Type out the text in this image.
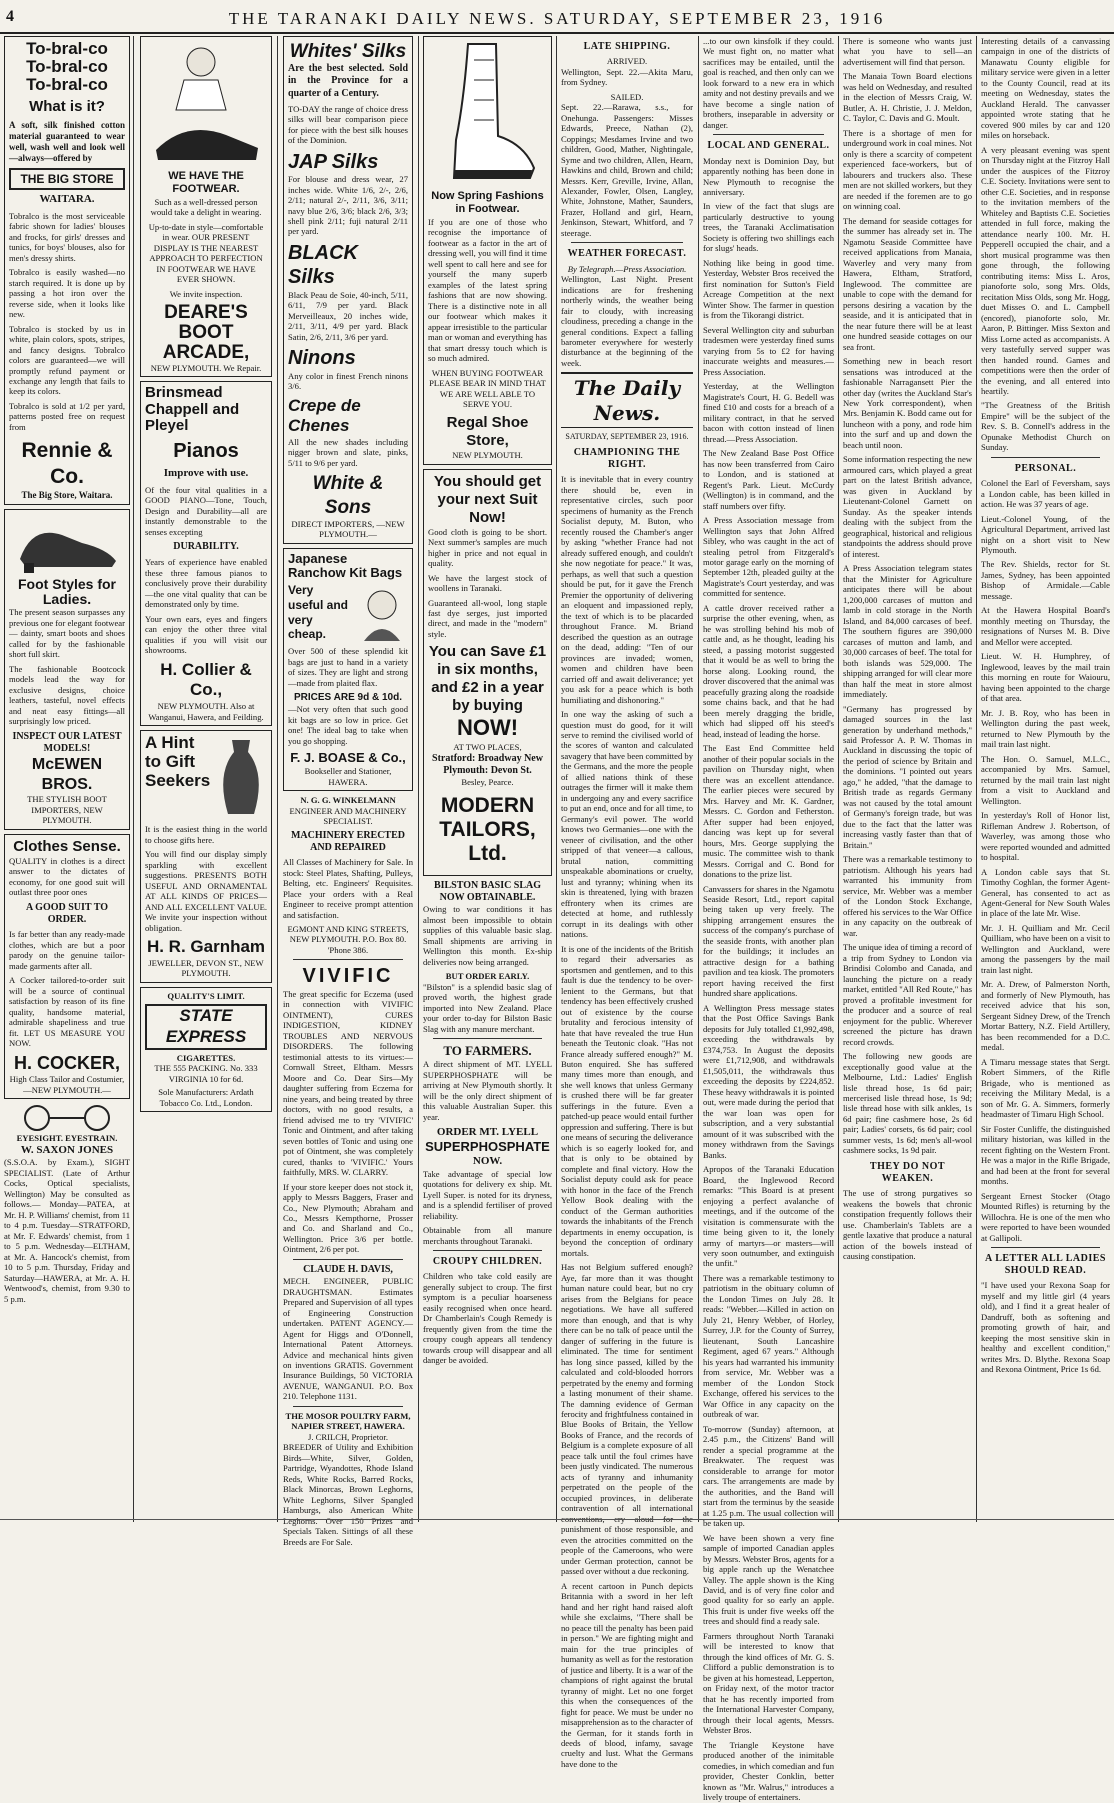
4	THE TARANAKI DAILY NEWS. SATURDAY, SEPTEMBER 23, 1916
To-bral-co
To-bral-co
To-bral-co
What is it?

A soft, silk finished cotton material guaranteed to wear well, wash well and look well—always—offered by

THE BIG STORE
WAITARA.

Tobralco is the most serviceable fabric shown for ladies' blouses and frocks, for girls' dresses and tunics, for boys' blouses, also for men's dressy shirts.

Tobralco is easily washed—no starch required. It is done up by passing a hot iron over the reverse side, when it looks like new.

Tobralco is stocked by us in white, plain colors, spots, stripes, and fancy designs. Tobralco colors are guaranteed—we will promptly refund payment or exchange any length that fails to keep its colors.

Tobralco is sold at 1/2 per yard, patterns posted free on request from

Rennie & Co.
The Big Store, Waitara.
Foot Styles for Ladies.

The present season surpasses any previous one for elegant footwear — dainty, smart boots and shoes called for by the fashionable short full skirt.

The fashionable Bootcock models lead the way for exclusive designs, choice leathers, tasteful, novel effects and neat easy fittings—all surprisingly low priced.

INSPECT OUR LATEST MODELS!
McEWEN BROS.
THE STYLISH BOOT IMPORTERS, NEW PLYMOUTH.
Clothes Sense.

QUALITY in clothes is a direct answer to the dictates of economy, for one good suit will outlast three poor ones

A GOOD SUIT TO ORDER.

Is far better than any ready-made clothes, which are but a poor parody on the genuine tailor-made garments after all.

A Cocker tailored-to-order suit will be a source of continual satisfaction by reason of its fine quality, handsome material, admirable shapeliness and true fit. LET US MEASURE YOU NOW.

H. COCKER,
High Class Tailor and Costumier, —NEW PLYMOUTH.—
EYESIGHT. EYESTRAIN.
W. SAXON JONES

(S.S.O.A. by Exam.), SIGHT SPECIALIST. (Late of Arthur Cocks, Optical specialists, Wellington) May be consulted as follows.— Monday—PATEA, at Mr. H. P. Williams' chemist, from 11 to 4 p.m. Tuesday—STRATFORD, at Mr. F. Edwards' chemist, from 1 to 5 p.m. Wednesday—ELTHAM, at Mr. A. Hancock's chemist, from 10 to 5 p.m. Thursday, Friday and Saturday—HAWERA, at Mr. A. H. Wentwood's, chemist, from 9.30 to 5 p.m.

WE HAVE THE FOOTWEAR.

Such as a well-dressed person would take a delight in wearing.

Up-to-date in style—comfortable in wear. OUR PRESENT DISPLAY IS THE NEAREST APPROACH TO PERFECTION IN FOOTWEAR WE HAVE EVER SHOWN.

We invite inspection.

DEARE'S BOOT ARCADE,
NEW PLYMOUTH. We Repair.
Brinsmead Chappell and Pleyel
Pianos
Improve with use.

Of the four vital qualities in a GOOD PIANO—Tone, Touch, Design and Durability—all are instantly demonstrable to the senses excepting

DURABILITY.

Years of experience have enabled these three famous pianos to conclusively prove their durability—the one vital quality that can be demonstrated only by time.

Your own ears, eyes and fingers can enjoy the other three vital qualities if you will visit our showrooms.

H. Collier & Co.,
NEW PLYMOUTH. Also at Wanganui, Hawera, and Feilding.
A Hint to Gift Seekers

It is the easiest thing in the world to choose gifts here.

You will find our display simply sparkling with excellent suggestions. PRESENTS BOTH USEFUL AND ORNAMENTAL AT ALL KINDS OF PRICES—AND ALL EXCELLENT VALUE. We invite your inspection without obligation.

H. R. Garnham
JEWELLER, DEVON ST., NEW PLYMOUTH.
QUALITY'S LIMIT.
STATE EXPRESS
CIGARETTES.
THE 555 PACKING. No. 333 VIRGINIA 10 for 6d.
Sole Manufacturers: Ardath Tobacco Co. Ltd., London.
Whites' Silks

Are the best selected. Sold in the Province for a quarter of a Century.

TO-DAY the range of choice dress silks will bear comparison piece for piece with the best silk houses of the Dominion.

JAP Silks

For blouse and dress wear, 27 inches wide. White 1/6, 2/-, 2/6, 2/11; natural 2/-, 2/11, 3/6, 3/11; navy blue 2/6, 3/6; black 2/6, 3/3; shell pink 2/11; fuji natural 2/11 per yard.

BLACK Silks

Black Peau de Soie, 40-inch, 5/11, 6/11, 7/9 per yard. Black Merveilleaux, 20 inches wide, 2/11, 3/11, 4/9 per yard. Black Satin, 2/6, 2/11, 3/6 per yard.

Ninons

Any color in finest French ninons 3/6.

Crepe de Chenes

All the new shades including nigger brown and slate, pinks, 5/11 to 9/6 per yard.

White & Sons
DIRECT IMPORTERS, —NEW PLYMOUTH.—
Japanese Ranchow Kit Bags
Very useful and very cheap.

Over 500 of these splendid kit bags are just to hand in a variety of sizes. They are light and strong—made from plaited flax.

PRICES ARE 9d & 10d.

—Not very often that such good kit bags are so low in price. Get one! The ideal bag to take when you go shopping.

F. J. BOASE & Co.,
Bookseller and Stationer, HAWERA.
N. G. G. WINKELMANN
ENGINEER AND MACHINERY SPECIALIST.
MACHINERY ERECTED AND REPAIRED

All Classes of Machinery for Sale. In stock: Steel Plates, Shafting, Pulleys, Belting, etc. Engineers' Requisites. Place your orders with a Real Engineer to receive prompt attention and satisfaction.

EGMONT AND KING STREETS, NEW PLYMOUTH. P.O. Box 80. 'Phone 386.

VIVIFIC

The great specific for Eczema (used in connection with VIVIFIC OINTMENT), CURES INDIGESTION, KIDNEY TROUBLES AND NERVOUS DISORDERS. The following testimonial attests to its virtues:— Cornwall Street, Eltham. Messrs Moore and Co. Dear Sirs—My daughter suffering from Eczema for nine years, and being treated by three doctors, with no good results, a friend advised me to try 'VIVIFIC' Tonic and Ointment, and after taking seven bottles of Tonic and using one pot of Ointment, she was completely cured, thanks to 'VIVIFIC.' Yours faithfully, MRS. W. CLARRY.

If your store keeper does not stock it, apply to Messrs Baggers, Fraser and Co., New Plymouth; Abraham and Co., Messrs Kempthorne, Prosser and Co. and Sharland and Co., Wellington. Price 3/6 per bottle. Ointment, 2/6 per pot.

CLAUDE H. DAVIS,

MECH. ENGINEER, PUBLIC DRAUGHTSMAN. Estimates Prepared and Supervision of all types of Engineering Construction undertaken. PATENT AGENCY.—Agent for Higgs and O'Donnell, International Patent Attorneys. Advice and mechanical hints given on inventions GRATIS. Government Insurance Buildings, 50 VICTORIA AVENUE, WANGANUI. P.O. Box 210. Telephone 1131.

THE MOSOR POULTRY FARM, NAPIER STREET, HAWERA.
J. CRILCH, Proprietor.

BREEDER of Utility and Exhibition Birds—White, Silver, Golden, Partridge, Wyandottes, Rhode Island Reds, White Rocks, Barred Rocks, Black Minorcas, Brown Leghorns, White Leghorns, Silver Spangled Hamburgs, also American White Leghorns. Over 150 Prizes and Specials Taken. Sittings of all these Breeds are For Sale.

Now Spring Fashions in Footwear.

If you are one of those who recognise the importance of footwear as a factor in the art of dressing well, you will find it time well spent to call here and see for yourself the many superb examples of the latest spring fashions that are now showing. There is a distinctive note in all our footwear which makes it appear irresistible to the particular man or woman and everything has that smart dressy touch which is so much admired.

WHEN BUYING FOOTWEAR PLEASE BEAR IN MIND THAT WE ARE WELL ABLE TO SERVE YOU.

Regal Shoe Store,
NEW PLYMOUTH.
You should get your next Suit Now!

Good cloth is going to be short. Next summer's samples are much higher in price and not equal in quality.

We have the largest stock of woollens in Taranaki.

Guaranteed all-wool, long staple fast dye serges, just imported direct, and made in the "modern" style.

You can Save £1 in six months, and £2 in a year by buying
NOW!
AT TWO PLACES,
Stratford: Broadway New Plymouth: Devon St.
Besley, Pearce.
MODERN TAILORS, Ltd.
BILSTON BASIC SLAG NOW OBTAINABLE.

Owing to war conditions it has almost been impossible to obtain supplies of this valuable basic slag. Small shipments are arriving in Wellington this month. Ex-ship deliveries now being arranged.

BUT ORDER EARLY.

"Bilston" is a splendid basic slag of proved worth, the highest grade imported into New Zealand. Place your order to-day for Bilston Basic Slag with any manure merchant.

TO FARMERS.

A direct shipment of MT. LYELL SUPERPHOSPHATE will be arriving at New Plymouth shortly. It will be the only direct shipment of this valuable Australian Super. this year.

ORDER MT. LYELL
SUPERPHOSPHATE
NOW.

Take advantage of special low quotations for delivery ex ship. Mt. Lyell Super. is noted for its dryness, and is a splendid fertiliser of proved reliability.

Obtainable from all manure merchants throughout Taranaki.

CROUPY CHILDREN.

Children who take cold easily are generally subject to croup. The first symptom is a peculiar hoarseness easily recognised when once heard. Dr Chamberlain's Cough Remedy is frequently given from the time the croupy cough appears all tendency towards croup will disappear and all danger be avoided.

LATE SHIPPING.
ARRIVED.

Wellington, Sept. 22.—Akita Maru, from Sydney.

SAILED.

Sept. 22.—Rarawa, s.s., for Onehunga. Passengers: Misses Edwards, Preece, Nathan (2), Coppings; Mesdames Irvine and two children, Good, Mather, Nightingale, Syme and two children, Allen, Hearn, Hawkins and child, Brown and child; Messrs. Kerr, Greville, Irvine, Allan, Alexander, Fowler, Olsen, Langley, White, Johnstone, Mather, Saunders, Frazer, Holland and girl, Hearn, Jenkinson, Stewart, Whitford, and 7 steerage.

WEATHER FORECAST.
By Telegraph.—Press Association.

Wellington, Last Night. Present indications are for freshening northerly winds, the weather being fair to cloudy, with increasing cloudiness, preceding a change in the general conditions. Expect a falling barometer everywhere for westerly disturbance at the beginning of the week.

The Daily News.
SATURDAY, SEPTEMBER 23, 1916.
CHAMPIONING THE RIGHT.

It is inevitable that in every country there should be, even in representative circles, such poor specimens of humanity as the French Socialist deputy, M. Buton, who recently roused the Chamber's anger by asking "whether France had not already suffered enough, and couldn't she now negotiate for peace." It was, perhaps, as well that such a question should be put, for it gave the French Premier the opportunity of delivering an eloquent and impassioned reply, the text of which is to be placarded throughout France. M. Briand described the question as an outrage on the dead, adding: "Ten of our provinces are invaded; women, women and children have been carried off and await deliverance; yet you ask for a peace which is both humiliating and dishonoring."

In one way the asking of such a question must do good, for it will serve to remind the civilised world of the scores of wanton and calculated savagery that have been committed by the Germans, and the more the people of allied nations think of these outrages the firmer will it make them in undergoing any and every sacrifice to put an end, once and for all time, to Germany's evil power. The world knows two Germanies—one with the veneer of civilisation, and the other stripped of that veneer—a callous, brutal nation, committing unspeakable abominations or cruelty, lust and tyranny; whining when its skin is threatened, lying with brazen effrontery when its crimes are detected at home, and ruthlessly corrupt in its dealings with other nations.

It is one of the incidents of the British to regard their adversaries as sportsmen and gentlemen, and to this fault is due the tendency to be over-lenient to the Germans, but that tendency has been effectively crushed out of existence by the course brutality and ferocious intensity of hate that have revealed the true Hun beneath the Teutonic cloak. "Has not France already suffered enough?" M. Buton enquired. She has suffered many times more than enough, and she well knows that unless Germany is crushed there will be far greater sufferings in the future. Even a patched-up peace would entail further oppression and suffering. There is but one means of securing the deliverance which is so eagerly looked for, and that is only to be obtained by complete and final victory. How the Socialist deputy could ask for peace with honor in the face of the French Yellow Book dealing with the conduct of the German authorities towards the inhabitants of the French departments in enemy occupation, is beyond the conception of ordinary mortals.

Has not Belgium suffered enough? Aye, far more than it was thought human nature could bear, but no cry arises from the Belgians for peace negotiations. We have all suffered more than enough, and that is why there can be no talk of peace until the danger of suffering in the future is eliminated. The time for sentiment has long since passed, killed by the calculated and cold-blooded horrors perpetrated by the enemy and forming a lasting monument of their shame. The damning evidence of German ferocity and frightfulness contained in Blue Books of Britain, the Yellow Books of France, and the records of Belgium is a complete exposure of all peace talk until the foul crimes have been justly vindicated. The numerous acts of tyranny and inhumanity perpetrated on the people of the occupied provinces, in deliberate contravention of all international conventions, cry aloud for the punishment of those responsible, and even the atrocities committed on the people of the Cameroons, who were under German protection, cannot be passed over without a due reckoning.

A recent cartoon in Punch depicts Britannia with a sword in her left hand and her right hand raised aloft while she exclaims, "There shall be no peace till the penalty has been paid in person." We are fighting might and main for the true principles of humanity as well as for the restoration of justice and liberty. It is a war of the champions of right against the brutal tyranny of might. Let no one forget this when the consequences of the fight for peace. We must be under no misapprehension as to the character of the German, for it stands forth in deeds of blood, infamy, savage cruelty and lust. What the Germans have done to the

...to our own kinsfolk if they could. We must fight on, no matter what sacrifices may be entailed, until the goal is reached, and then only can we look forward to a new era in which amity and not destiny prevails and we have become a single nation of brothers, inseparable in adversity or danger.

LOCAL AND GENERAL.

Monday next is Dominion Day, but apparently nothing has been done in New Plymouth to recognise the anniversary.

In view of the fact that slugs are particularly destructive to young trees, the Taranaki Acclimatisation Society is offering two shillings each for slugs' heads.

Nothing like being in good time. Yesterday, Webster Bros received the first nomination for Sutton's Field Acreage Competition at the next Winter Show. The farmer in question is from the Tikorangi district.

Several Wellington city and suburban tradesmen were yesterday fined sums varying from 5s to £2 for having inaccurate weights and measures.—Press Association.

Yesterday, at the Wellington Magistrate's Court, H. G. Bedell was fined £10 and costs for a breach of a military contract, in that he served bacon with cotton instead of linen thread.—Press Association.

The New Zealand Base Post Office has now been transferred from Cairo to London, and is stationed at Regent's Park. Lieut. McCurdy (Wellington) is in command, and the staff numbers over fifty.

A Press Association message from Wellington says that John Alfred Sibley, who was caught in the act of stealing petrol from Fitzgerald's motor garage early on the morning of September 12th, pleaded guilty at the Magistrate's Court yesterday, and was committed for sentence.

A cattle drover received rather a surprise the other evening, when, as he was strolling behind his mob of cattle and, as he thought, leading his steed, a passing motorist suggested that it would be as well to bring the horse along. Looking round, the drover discovered that the animal was peacefully grazing along the roadside some chains back, and that he had been merely dragging the bridle, which had slipped off his steed's head, instead of leading the horse.

The East End Committee held another of their popular socials in the pavilion on Thursday night, when there was an excellent attendance. The earlier pieces were secured by Mrs. Harvey and Mr. K. Gardner, Messrs. C. Gordon and Fetherston. After supper had been enjoyed, dancing was kept up for several hours, Mrs. George supplying the music. The committee wish to thank Messrs. Corrigal and C. Bond for donations to the prize list.

Canvassers for shares in the Ngamotu Seaside Resort, Ltd., report capital being taken up very freely. The shipping arrangement ensures the success of the company's purchase of the seaside fronts, with another plan for the buildings; it includes an attractive design for a bathing pavilion and tea kiosk. The promoters report having received the first hundred share applications.

A Wellington Press message states that the Post Office Savings Bank deposits for July totalled £1,992,498, exceeding the withdrawals by £374,753. In August the deposits were £1,712,908, and withdrawals £1,505,011, the withdrawals thus exceeding the deposits by £224,852. These heavy withdrawals it is pointed out, were made during the period that the war loan was open for subscription, and a very substantial amount of it was subscribed with the money withdrawn from the Savings Banks.

Apropos of the Taranaki Education Board, the Inglewood Record remarks: "This Board is at present enjoying a perfect avalanche of meetings, and if the outcome of the visitation is commensurate with the time being given to it, the lonely army of martyrs—or masters—will very soon outnumber, and extinguish the unfit."

There was a remarkable testimony to patriotism in the obituary column of the London Times on July 28. It reads: "Webber.—Killed in action on July 21, Henry Webber, of Horley, Surrey, J.P. for the County of Surrey, lieutenant, South Lancashire Regiment, aged 67 years." Although his years had warranted his immunity from service, Mr. Webber was a member of the London Stock Exchange, offered his services to the War Office in any capacity on the outbreak of war.

To-morrow (Sunday) afternoon, at 2.45 p.m., the Citizens' Band will render a special programme at the Breakwater. The request was considerable to arrange for motor cars. The arrangements are made by the authorities, and the Band will start from the terminus by the seaside at 1.25 p.m. The usual collection will be taken up.

We have been shown a very fine sample of imported Canadian apples by Messrs. Webster Bros, agents for a big apple ranch up the Wenatchee Valley. The apple shown is the King David, and is of very fine color and good quality for so early an apple. This fruit is under five weeks off the trees and should find a ready sale.

Farmers throughout North Taranaki will be interested to know that through the kind offices of Mr. G. S. Clifford a public demonstration is to be given at his homestead, Lepperton, on Friday next, of the motor tractor that he has recently imported from the International Harvester Company, through their local agents, Messrs. Webster Bros.

The Triangle Keystone have produced another of the inimitable comedies, in which comedian and fun provider, Chester Conklin, better known as "Mr. Walrus," introduces a lively troupe of entertainers.

There is someone who wants just what you have to sell—an advertisement will find that person.

The Manaia Town Board elections was held on Wednesday, and resulted in the election of Messrs Craig, W. Butler, A. H. Christie, J. J. Meldon, C. Taylor, C. Davis and G. Moult.

There is a shortage of men for underground work in coal mines. Not only is there a scarcity of competent experienced face-workers, but of labourers and truckers also. These men are not skilled workers, but they are needed if the foremen are to go on winning coal.

The demand for seaside cottages for the summer has already set in. The Ngamotu Seaside Committee have received applications from Manaia, Waverley and very many from Hawera, Eltham, Stratford, Inglewood. The committee are unable to cope with the demand for persons desiring a vacation by the seaside, and it is anticipated that in the near future there will be at least one hundred seaside cottages on our sea front.

Something new in beach resort sensations was introduced at the fashionable Narragansett Pier the other day (writes the Auckland Star's New York correspondent), when Mrs. Benjamin K. Bodd came out for luncheon with a pony, and rode him into the surf and up and down the beach until noon.

Some information respecting the new armoured cars, which played a great part on the latest British advance, was given in Auckland by Lieutenant-Colonel Garnett on Sunday. As the speaker intends dealing with the subject from the geographical, historical and religious standpoints the address should prove of interest.

A Press Association telegram states that the Minister for Agriculture anticipates there will be about 1,200,000 carcases of mutton and lamb in cold storage in the North Island, and 84,000 carcases of beef. The southern figures are 390,000 carcases of mutton and lamb, and 30,000 carcases of beef. The total for both islands was 529,000. The shipping arranged for will clear more than half the meat in store almost immediately.

"Germany has progressed by damaged sources in the last generation by underhand methods," said Professor A. P. W. Thomas in Auckland in discussing the topic of the period of science by Britain and the dominions. "I pointed out years ago," he added, "that the damage to British trade as regards Germany was not caused by the total amount of Germany's foreign trade, but was due to the fact that the latter was increasing vastly faster than that of Britain."

There was a remarkable testimony to patriotism. Although his years had warranted his immunity from service, Mr. Webber was a member of the London Stock Exchange, offered his services to the War Office in any capacity on the outbreak of war.

The unique idea of timing a record of a trip from Sydney to London via Brindisi Colombo and Canada, and launching the picture on a ready market, entitled "All Red Route," has proved a profitable investment for the producer and a source of real enjoyment for the public. Wherever screened the picture has drawn record crowds.

The following new goods are exceptionally good value at the Melbourne, Ltd.: Ladies' English lisle thread hose, 1s 6d pair; mercerised lisle thread hose, 1s 9d; lisle thread hose with silk ankles, 1s 6d pair; fine cashmere hose, 2s 6d pair; Ladies' corsets, 6s 6d pair; cool summer vests, 1s 6d; men's all-wool cashmere socks, 1s 9d pair.

THEY DO NOT WEAKEN.

The use of strong purgatives so weakens the bowels that chronic constipation frequently follows their use. Chamberlain's Tablets are a gentle laxative that produce a natural action of the bowels instead of causing constipation.

Interesting details of a canvassing campaign in one of the districts of Manawatu County eligible for military service were given in a letter to the County Council, read at its meeting on Wednesday, states the Auckland Herald. The canvasser appointed wrote stating that he covered 900 miles by car and 120 miles on horseback.

A very pleasant evening was spent on Thursday night at the Fitzroy Hall under the auspices of the Fitzroy C.E. Society. Invitations were sent to other C.E. Societies, and in response to the invitation members of the Whiteley and Baptists C.E. Societies attended in full force, making the attendance nearly 100. Mr. H. Pepperell occupied the chair, and a short musical programme was then gone through, the following contributing items: Miss L. Aros, pianoforte solo, song Mrs. Olds, recitation Miss Olds, song Mr. Hogg, duet Misses O. and L. Campbell (encored), pianoforte solo, Mr. Aaron, P. Bittinger. Miss Sexton and Miss Lorne acted as accompanists. A very tastefully served supper was then handed round. Games and competitions were then the order of the evening, and all entered into heartily.

"The Greatness of the British Empire" will be the subject of the Rev. S. B. Connell's address in the Opunake Methodist Church on Sunday.

PERSONAL.

Colonel the Earl of Feversham, says a London cable, has been killed in action. He was 37 years of age.

Lieut.-Colonel Young, of the Agricultural Department, arrived last night on a short visit to New Plymouth.

The Rev. Shields, rector for St. James, Sydney, has been appointed Bishop of Armidale.—Cable message.

At the Hawera Hospital Board's monthly meeting on Thursday, the resignations of Nurses M. B. Dive and Mellor were accepted.

Lieut. W. H. Humphrey, of Inglewood, leaves by the mail train this morning en route for Waiouru, having been appointed to the charge of that area.

Mr. J. B. Roy, who has been in Wellington during the past week, returned to New Plymouth by the mail train last night.

The Hon. O. Samuel, M.L.C., accompanied by Mrs. Samuel, returned by the mail train last night from a visit to Auckland and Wellington.

In yesterday's Roll of Honor list, Rifleman Andrew J. Robertson, of Waverley, was among those who were reported wounded and admitted to hospital.

A London cable says that St. Timothy Coghlan, the former Agent-General, has consented to act as Agent-General for New South Wales in place of the late Mr. Wise.

Mr. J. H. Quilliam and Mr. Cecil Quilliam, who have been on a visit to Wellington and Auckland, were among the passengers by the mail train last night.

Mr. A. Drew, of Palmerston North, and formerly of New Plymouth, has received advice that his son, Sergeant Sidney Drew, of the Trench Mortar Battery, N.Z. Field Artillery, has been recommended for a D.C. medal.

A Timaru message states that Sergt. Robert Simmers, of the Rifle Brigade, who is mentioned as receiving the Military Medal, is a son of Mr. G. A. Simmers, formerly headmaster of Timaru High School.

Sir Foster Cunliffe, the distinguished military historian, was killed in the recent fighting on the Western Front. He was a major in the Rifle Brigade, and had been at the front for several months.

Sergeant Ernest Stocker (Otago Mounted Rifles) is returning by the Willochra. He is one of the men who were reported to have been wounded at Gallipoli.

A LETTER ALL LADIES SHOULD READ.

"I have used your Rexona Soap for myself and my little girl (4 years old), and I find it a great healer of Dandruff, both as softening and promoting growth of hair, and keeping the most sensitive skin in healthy and excellent condition," writes Mrs. D. Blythe. Rexona Soap and Rexona Ointment, Price 1s 6d.
